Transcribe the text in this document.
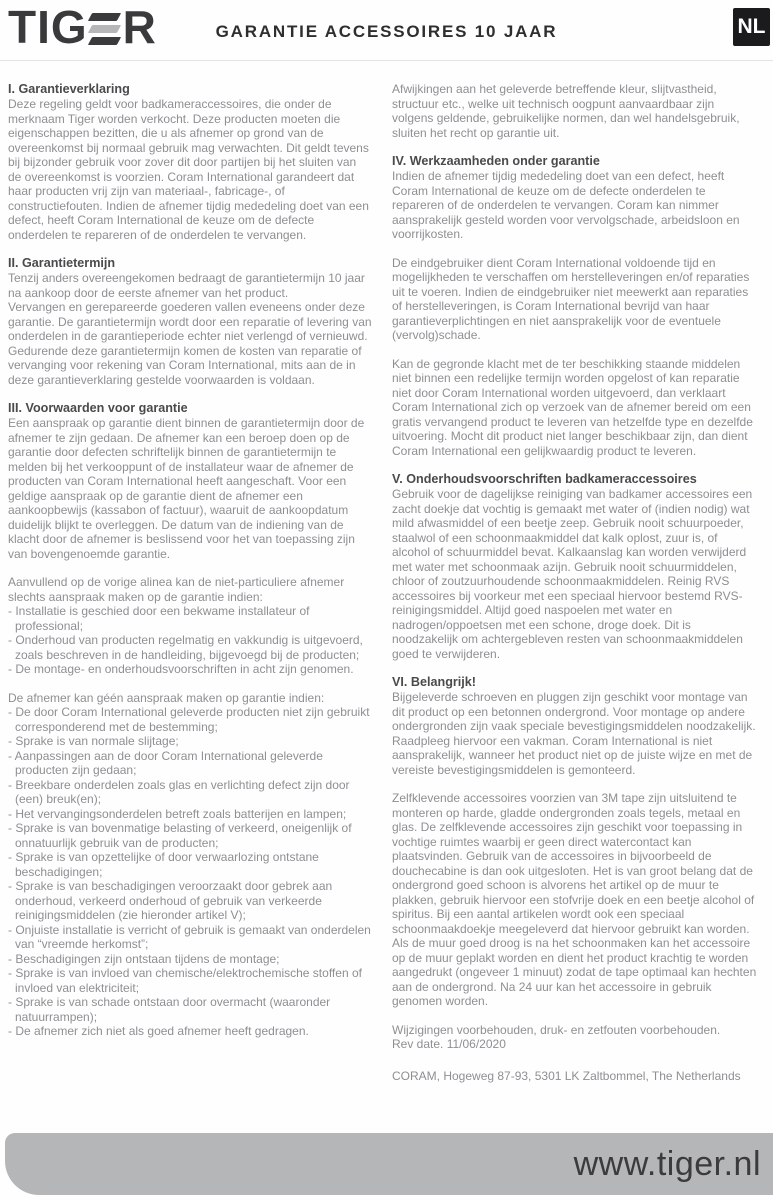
TIG R	GARANTIE ACCESSOIRES 10 JAAR	NL
I. Garantieverklaring

Deze regeling geldt voor badkameraccessoires, die onder de merknaam Tiger worden verkocht. Deze producten moeten die eigenschappen bezitten, die u als afnemer op grond van de overeenkomst bij normaal gebruik mag verwachten. Dit geldt tevens bij bijzonder gebruik voor zover dit door partijen bij het sluiten van de overeenkomst is voorzien. Coram International garandeert dat haar producten vrij zijn van materiaal-, fabricage-, of constructiefouten. Indien de afnemer tijdig mededeling doet van een defect, heeft Coram International de keuze om de defecte onderdelen te repareren of de onderdelen te vervangen.

II. Garantietermijn

Tenzij anders overeengekomen bedraagt de garantietermijn 10 jaar na aankoop door de eerste afnemer van het product.

Vervangen en gerepareerde goederen vallen eveneens onder deze garantie. De garantietermijn wordt door een reparatie of levering van onderdelen in de garantieperiode echter niet verlengd of vernieuwd.

Gedurende deze garantietermijn komen de kosten van reparatie of vervanging voor rekening van Coram International, mits aan de in deze garantieverklaring gestelde voorwaarden is voldaan.

III. Voorwaarden voor garantie

Een aanspraak op garantie dient binnen de garantietermijn door de afnemer te zijn gedaan. De afnemer kan een beroep doen op de garantie door defecten schriftelijk binnen de garantietermijn te melden bij het verkooppunt of de installateur waar de afnemer de producten van Coram International heeft aangeschaft. Voor een geldige aanspraak op de garantie dient de afnemer een aankoopbewijs (kassabon of factuur), waaruit de aankoopdatum duidelijk blijkt te overleggen. De datum van de indiening van de klacht door de afnemer is beslissend voor het van toepassing zijn van bovengenoemde garantie.

Aanvullend op de vorige alinea kan de niet-particuliere afnemer slechts aanspraak maken op de garantie indien:

- Installatie is geschied door een bekwame installateur of professional;

- Onderhoud van producten regelmatig en vakkundig is uitgevoerd, zoals beschreven in de handleiding, bijgevoegd bij de producten;

- De montage- en onderhoudsvoorschriften in acht zijn genomen.

De afnemer kan géén aanspraak maken op garantie indien:

- De door Coram International geleverde producten niet zijn gebruikt corresponderend met de bestemming;

- Sprake is van normale slijtage;

- Aanpassingen aan de door Coram International geleverde producten zijn gedaan;

- Breekbare onderdelen zoals glas en verlichting defect zijn door (een) breuk(en);

- Het vervangingsonderdelen betreft zoals batterijen en lampen;

- Sprake is van bovenmatige belasting of verkeerd, oneigenlijk of onnatuurlijk gebruik van de producten;

- Sprake is van opzettelijke of door verwaarlozing ontstane beschadigingen;

- Sprake is van beschadigingen veroorzaakt door gebrek aan onderhoud, verkeerd onderhoud of gebruik van verkeerde reinigingsmiddelen (zie hieronder artikel V);

- Onjuiste installatie is verricht of gebruik is gemaakt van onderdelen van “vreemde herkomst”;

- Beschadigingen zijn ontstaan tijdens de montage;

- Sprake is van invloed van chemische/elektrochemische stoffen of invloed van elektriciteit;

- Sprake is van schade ontstaan door overmacht (waaronder natuurrampen);

- De afnemer zich niet als goed afnemer heeft gedragen.

Afwijkingen aan het geleverde betreffende kleur, slijtvastheid, structuur etc., welke uit technisch oogpunt aanvaardbaar zijn volgens geldende, gebruikelijke normen, dan wel handelsgebruik, sluiten het recht op garantie uit.

IV. Werkzaamheden onder garantie

Indien de afnemer tijdig mededeling doet van een defect, heeft Coram International de keuze om de defecte onderdelen te repareren of de onderdelen te vervangen. Coram kan nimmer aansprakelijk gesteld worden voor vervolgschade, arbeidsloon en voorrijkosten.

De eindgebruiker dient Coram International voldoende tijd en mogelijkheden te verschaffen om herstelleveringen en/of reparaties uit te voeren. Indien de eindgebruiker niet meewerkt aan reparaties of herstelleveringen, is Coram International bevrijd van haar garantieverplichtingen en niet aansprakelijk voor de eventuele (vervolg)schade.

Kan de gegronde klacht met de ter beschikking staande middelen niet binnen een redelijke termijn worden opgelost of kan reparatie niet door Coram International worden uitgevoerd, dan verklaart Coram International zich op verzoek van de afnemer bereid om een gratis vervangend product te leveren van hetzelfde type en dezelfde uitvoering. Mocht dit product niet langer beschikbaar zijn, dan dient Coram International een gelijkwaardig product te leveren.

V. Onderhoudsvoorschriften badkameraccessoires

Gebruik voor de dagelijkse reiniging van badkamer accessoires een zacht doekje dat vochtig is gemaakt met water of (indien nodig) wat mild afwasmiddel of een beetje zeep. Gebruik nooit schuurpoeder, staalwol of een schoonmaakmiddel dat kalk oplost, zuur is, of alcohol of schuurmiddel bevat. Kalkaanslag kan worden verwijderd met water met schoonmaak azijn. Gebruik nooit schuurmiddelen, chloor of zoutzuurhoudende schoonmaakmiddelen. Reinig RVS accessoires bij voorkeur met een speciaal hiervoor bestemd RVS-reinigingsmiddel. Altijd goed naspoelen met water en nadrogen/oppoetsen met een schone, droge doek. Dit is noodzakelijk om achtergebleven resten van schoonmaakmiddelen goed te verwijderen.

VI. Belangrijk!

Bijgeleverde schroeven en pluggen zijn geschikt voor montage van dit product op een betonnen ondergrond. Voor montage op andere ondergronden zijn vaak speciale bevestigingsmiddelen noodzakelijk. Raadpleeg hiervoor een vakman. Coram International is niet aansprakelijk, wanneer het product niet op de juiste wijze en met de vereiste bevestigingsmiddelen is gemonteerd.

Zelfklevende accessoires voorzien van 3M tape zijn uitsluitend te monteren op harde, gladde ondergronden zoals tegels, metaal en glas. De zelfklevende accessoires zijn geschikt voor toepassing in vochtige ruimtes waarbij er geen direct watercontact kan plaatsvinden. Gebruik van de accessoires in bijvoorbeeld de douchecabine is dan ook uitgesloten. Het is van groot belang dat de ondergrond goed schoon is alvorens het artikel op de muur te plakken, gebruik hiervoor een stofvrije doek en een beetje alcohol of spiritus. Bij een aantal artikelen wordt ook een speciaal schoonmaakdoekje meegeleverd dat hiervoor gebruikt kan worden. Als de muur goed droog is na het schoonmaken kan het accessoire op de muur geplakt worden en dient het product krachtig te worden aangedrukt (ongeveer 1 minuut) zodat de tape optimaal kan hechten aan de ondergrond. Na 24 uur kan het accessoire in gebruik genomen worden.

Wijzigingen voorbehouden, druk- en zetfouten voorbehouden.

Rev date. 11/06/2020

CORAM, Hogeweg 87-93, 5301 LK Zaltbommel, The Netherlands

www.tiger.nl
